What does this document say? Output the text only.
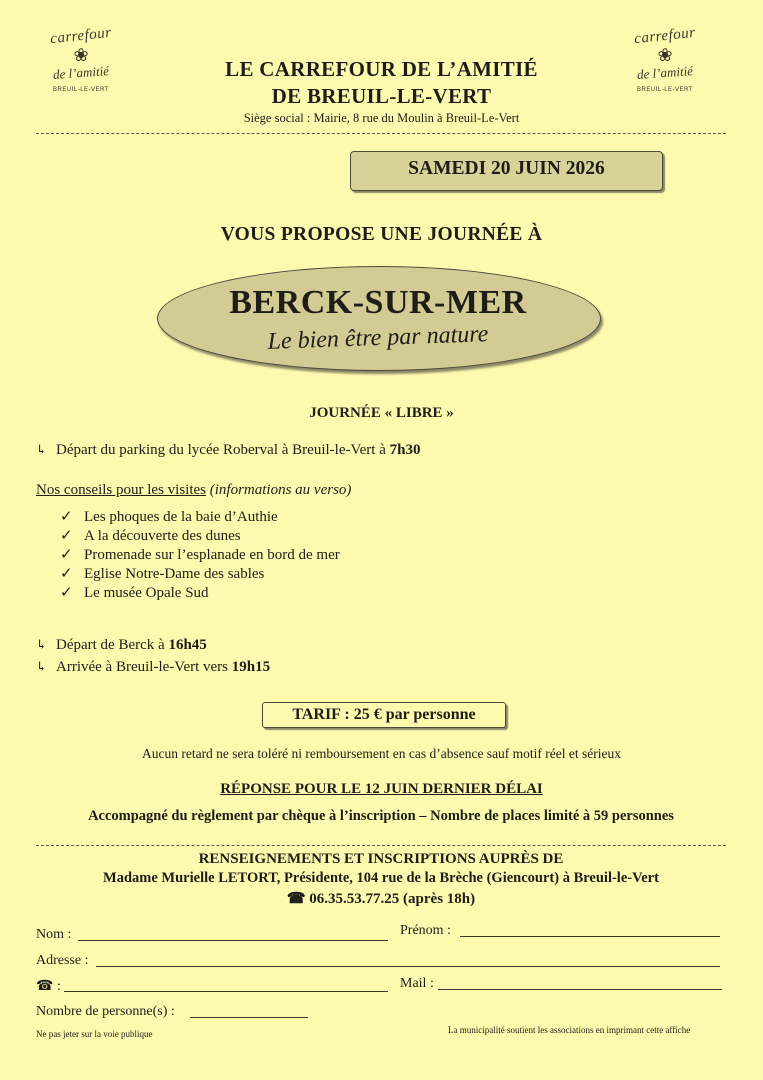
carrefour
❀
de l’amitié
BREUIL-LE-VERT
carrefour
❀
de l’amitié
BREUIL-LE-VERT
LE CARREFOUR DE L’AMITIÉ
DE BREUIL-LE-VERT
Siège social : Mairie, 8 rue du Moulin à Breuil-Le-Vert
SAMEDI 20 JUIN 2026
VOUS PROPOSE UNE JOURNÉE À
BERCK-SUR-MER
Le bien être par nature
JOURNÉE « LIBRE »
↳ Départ du parking du lycée Roberval à Breuil-le-Vert à 7h30
Nos conseils pour les visites (informations au verso)
✓ Les phoques de la baie d’Authie
✓ A la découverte des dunes
✓ Promenade sur l’esplanade en bord de mer
✓ Eglise Notre-Dame des sables
✓ Le musée Opale Sud
↳ Départ de Berck à 16h45
↳ Arrivée à Breuil-le-Vert vers 19h15
TARIF : 25 € par personne
Aucun retard ne sera toléré ni remboursement en cas d’absence sauf motif réel et sérieux
RÉPONSE POUR LE 12 JUIN DERNIER DÉLAI
Accompagné du règlement par chèque à l’inscription – Nombre de places limité à 59 personnes
RENSEIGNEMENTS ET INSCRIPTIONS AUPRÈS DE
Madame Murielle LETORT, Présidente, 104 rue de la Brèche (Giencourt) à Breuil-le-Vert
☎ 06.35.53.77.25 (après 18h)
Nom :	Prénom :
Adresse :
☎ :	Mail :
Nombre de personne(s) :
Ne pas jeter sur la voie publique	La municipalité soutient les associations en imprimant cette affiche
